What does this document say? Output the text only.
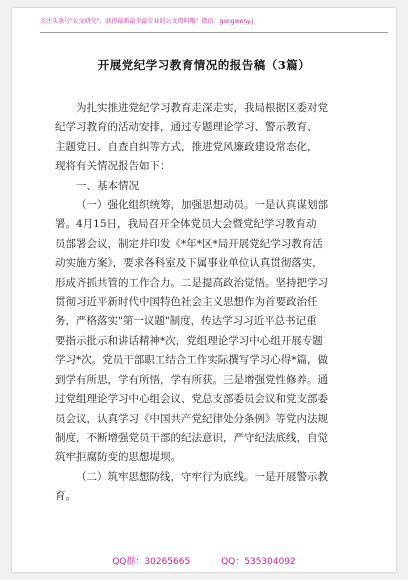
关注头条号"公文研究"，获得最新最全最专业的公文资料哦！微信：gongweny.j
开展党纪学习教育情况的报告稿（3篇）
为扎实推进党纪学习教育走深走实，我局根据区委对党
纪学习教育的活动安排，通过专题理论学习、警示教育、
主题党日、自查自纠等方式，推进党风廉政建设常态化，
现将有关情况报告如下：
一、基本情况
（一）强化组织统筹，加强思想动员。一是认真谋划部
署。4月15日，我局召开全体党员大会暨党纪学习教育动
员部署会议，制定并印发《*年*区*局开展党纪学习教育活
动实施方案》，要求各科室及下属事业单位认真贯彻落实，
形成齐抓共管的工作合力。二是提高政治觉悟。坚持把学习
贯彻习近平新时代中国特色社会主义思想作为首要政治任
务，严格落实"第一议题"制度，传达学习习近平总书记重
要指示批示和讲话精神*次，党组理论学习中心组开展专题
学习*次。党员干部职工结合工作实际撰写学习心得*篇，做
到学有所思，学有所悟，学有所获。三是增强党性修养。通
过党组理论学习中心组会议、党总支部委员会议和党支部委
员会议，认真学习《中国共产党纪律处分条例》等党内法规
制度，不断增强党员干部的纪法意识，严守纪法底线，自觉
筑牢拒腐防变的思想堤坝。
（二）筑牢思想防线，守牢行为底线。一是开展警示教
育。
QQ群：30265665	QQ：535304092
